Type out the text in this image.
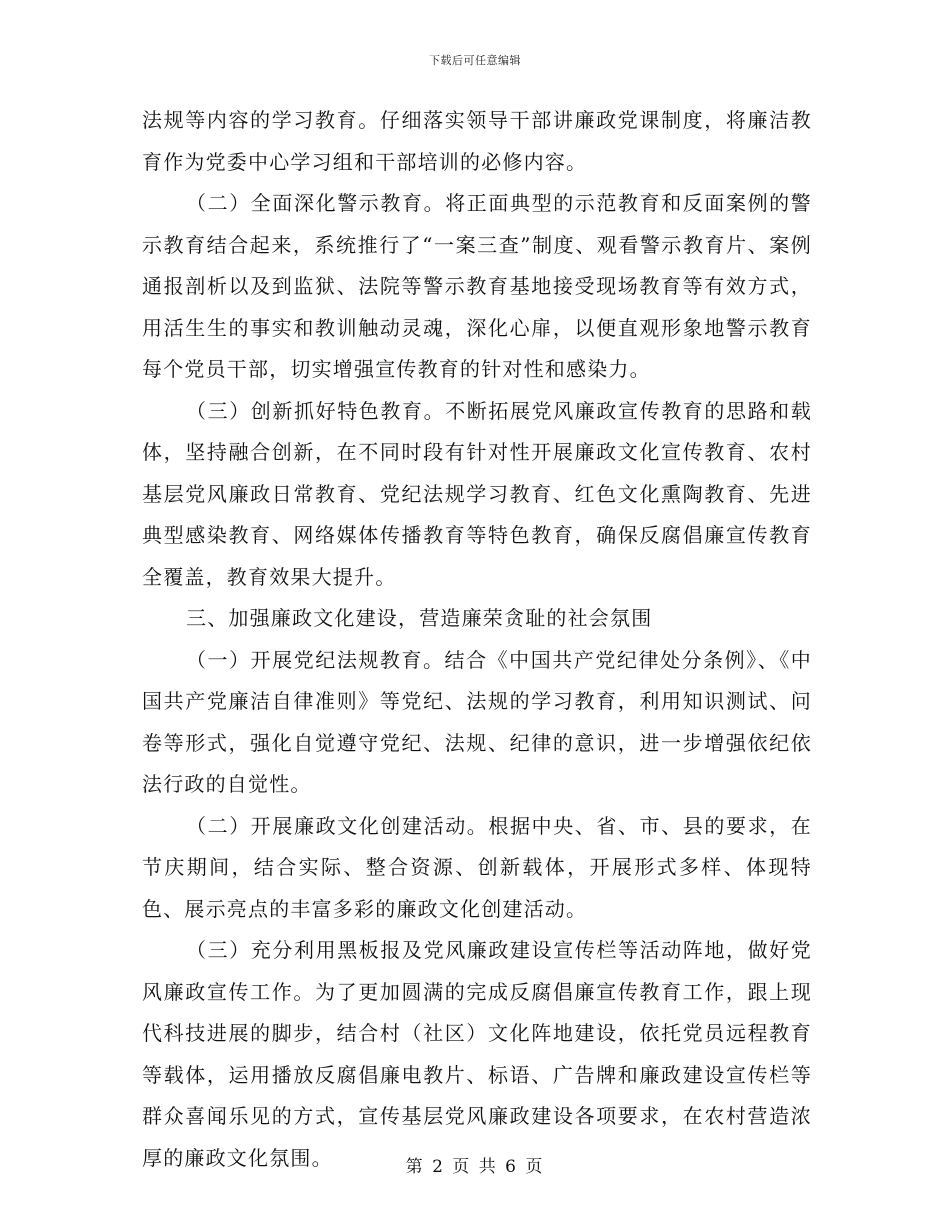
下载后可任意编辑

法规等内容的学习教育。仔细落实领导干部讲廉政党课制度，将廉洁教育作为党委中心学习组和干部培训的必修内容。

（二）全面深化警示教育。将正面典型的示范教育和反面案例的警示教育结合起来，系统推行了“一案三查”制度、观看警示教育片、案例通报剖析以及到监狱、法院等警示教育基地接受现场教育等有效方式，用活生生的事实和教训触动灵魂，深化心扉，以便直观形象地警示教育每个党员干部，切实增强宣传教育的针对性和感染力。

（三）创新抓好特色教育。不断拓展党风廉政宣传教育的思路和载体，坚持融合创新，在不同时段有针对性开展廉政文化宣传教育、农村基层党风廉政日常教育、党纪法规学习教育、红色文化熏陶教育、先进典型感染教育、网络媒体传播教育等特色教育，确保反腐倡廉宣传教育全覆盖，教育效果大提升。

三、加强廉政文化建设，营造廉荣贪耻的社会氛围

（一）开展党纪法规教育。结合《中国共产党纪律处分条例》、《中国共产党廉洁自律准则》等党纪、法规的学习教育，利用知识测试、问卷等形式，强化自觉遵守党纪、法规、纪律的意识，进一步增强依纪依法行政的自觉性。

（二）开展廉政文化创建活动。根据中央、省、市、县的要求，在节庆期间，结合实际、整合资源、创新载体，开展形式多样、体现特色、展示亮点的丰富多彩的廉政文化创建活动。

（三）充分利用黑板报及党风廉政建设宣传栏等活动阵地，做好党风廉政宣传工作。为了更加圆满的完成反腐倡廉宣传教育工作，跟上现代科技进展的脚步，结合村（社区）文化阵地建设，依托党员远程教育等载体，运用播放反腐倡廉电教片、标语、广告牌和廉政建设宣传栏等群众喜闻乐见的方式，宣传基层党风廉政建设各项要求，在农村营造浓厚的廉政文化氛围。	第 2 页 共 6 页
